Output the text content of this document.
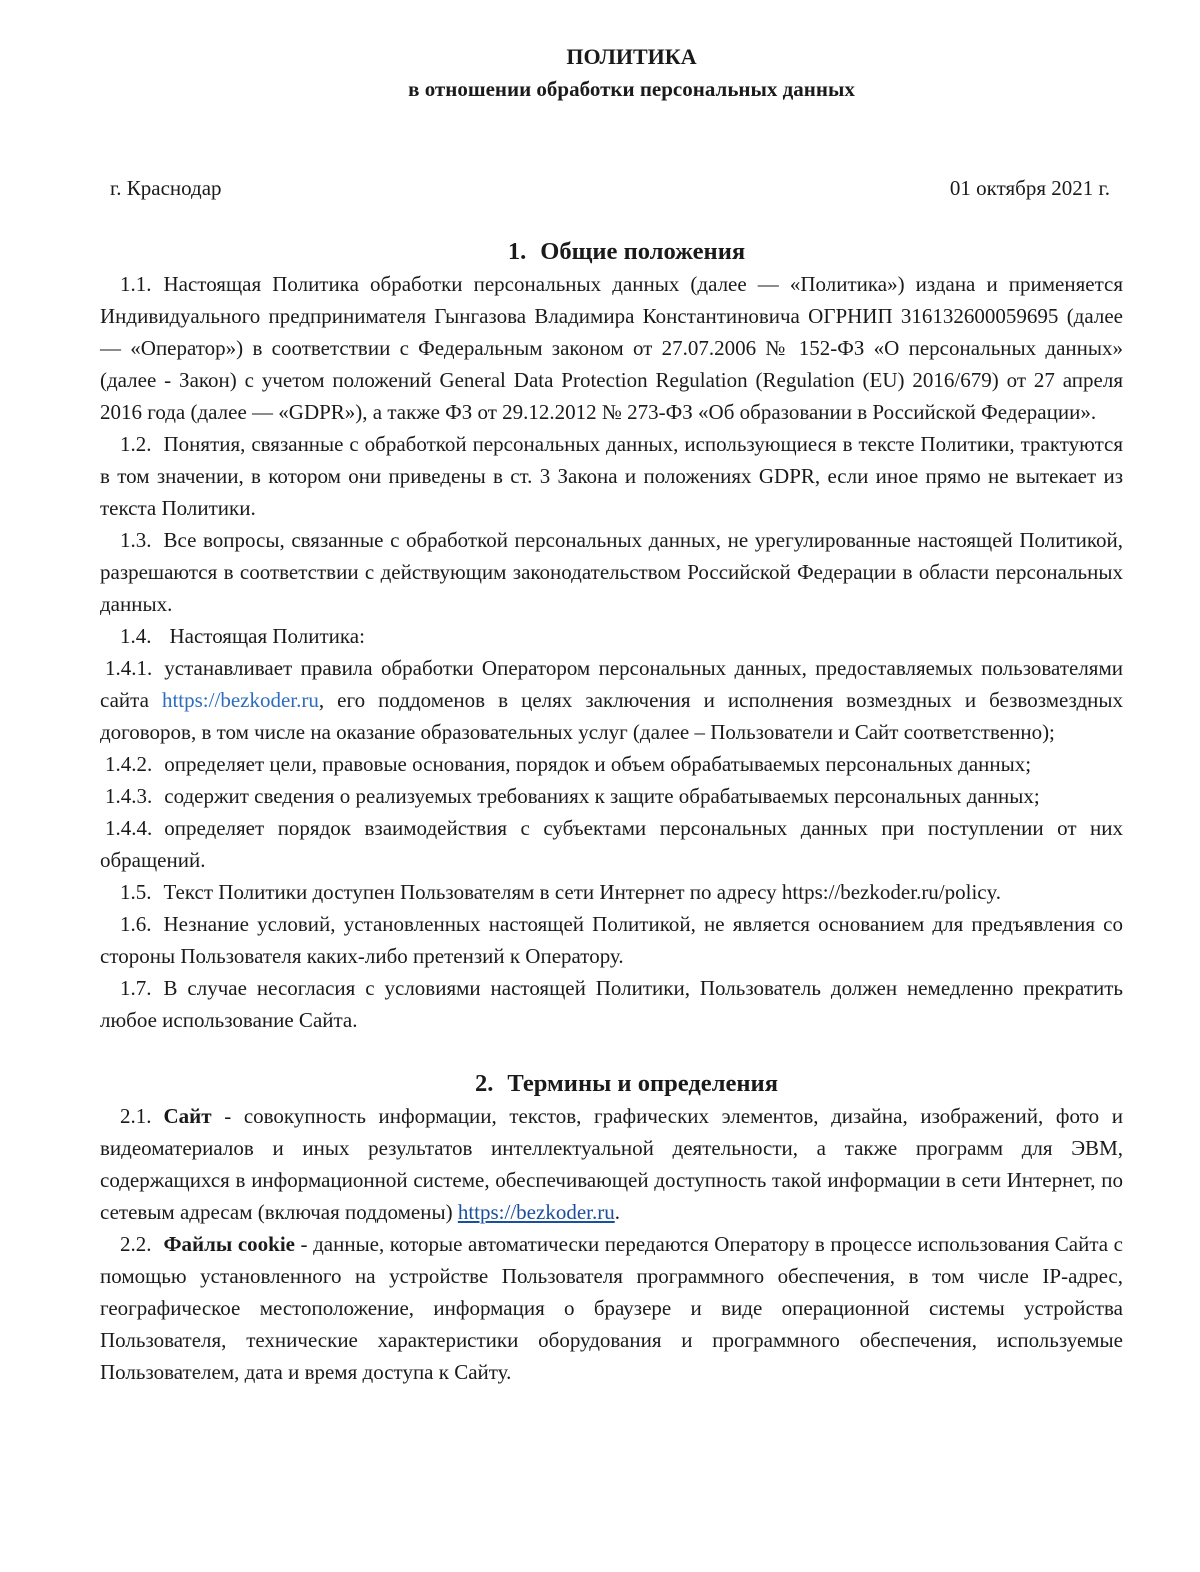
ПОЛИТИКА
в отношении обработки персональных данных
г. Краснодар	01 октября 2021 г.
1. Общие положения

1.1. Настоящая Политика обработки персональных данных (далее — «Политика») издана и применяется Индивидуального предпринимателя Гынгазова Владимира Константиновича ОГРНИП 316132600059695 (далее — «Оператор») в соответствии с Федеральным законом от 27.07.2006 № 152-ФЗ «О персональных данных» (далее - Закон) с учетом положений General Data Protection Regulation (Regulation (EU) 2016/679) от 27 апреля 2016 года (далее — «GDPR»), а также ФЗ от 29.12.2012 № 273-ФЗ «Об образовании в Российской Федерации».

1.2. Понятия, связанные с обработкой персональных данных, использующиеся в тексте Политики, трактуются в том значении, в котором они приведены в ст. 3 Закона и положениях GDPR, если иное прямо не вытекает из текста Политики.

1.3. Все вопросы, связанные с обработкой персональных данных, не урегулированные настоящей Политикой, разрешаются в соответствии с действующим законодательством Российской Федерации в области персональных данных.

1.4. Настоящая Политика:

1.4.1. устанавливает правила обработки Оператором персональных данных, предоставляемых пользователями сайта https://bezkoder.ru, его поддоменов в целях заключения и исполнения возмездных и безвозмездных договоров, в том числе на оказание образовательных услуг (далее – Пользователи и Сайт соответственно);

1.4.2. определяет цели, правовые основания, порядок и объем обрабатываемых персональных данных;

1.4.3. содержит сведения о реализуемых требованиях к защите обрабатываемых персональных данных;

1.4.4. определяет порядок взаимодействия с субъектами персональных данных при поступлении от них обращений.

1.5. Текст Политики доступен Пользователям в сети Интернет по адресу https://bezkoder.ru/policy.

1.6. Незнание условий, установленных настоящей Политикой, не является основанием для предъявления со стороны Пользователя каких-либо претензий к Оператору.

1.7. В случае несогласия с условиями настоящей Политики, Пользователь должен немедленно прекратить любое использование Сайта.

2. Термины и определения

2.1. Сайт - совокупность информации, текстов, графических элементов, дизайна, изображений, фото и видеоматериалов и иных результатов интеллектуальной деятельности, а также программ для ЭВМ, содержащихся в информационной системе, обеспечивающей доступность такой информации в сети Интернет, по сетевым адресам (включая поддомены) https://bezkoder.ru.

2.2. Файлы cookie - данные, которые автоматически передаются Оператору в процессе использования Сайта с помощью установленного на устройстве Пользователя программного обеспечения, в том числе IP-адрес, географическое местоположение, информация о браузере и виде операционной системы устройства Пользователя, технические характеристики оборудования и программного обеспечения, используемые Пользователем, дата и время доступа к Сайту.
